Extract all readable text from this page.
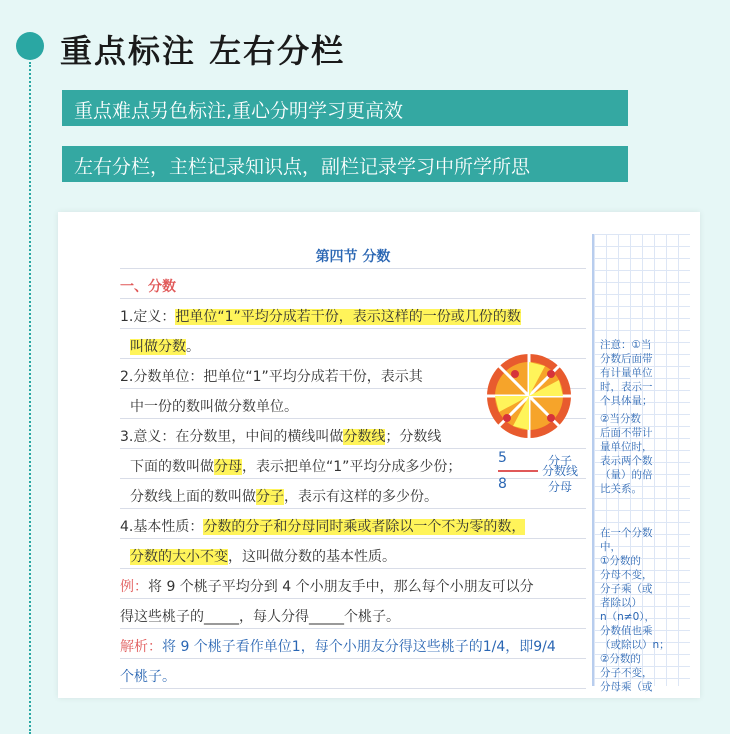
重点标注 左右分栏
重点难点另色标注,重心分明学习更高效
左右分栏，主栏记录知识点，副栏记录学习中所学所思
第四节 分数
一、分数
1.定义：把单位“1”平均分成若干份，表示这样的一份或几份的数
叫做分数。
2.分数单位：把单位“1”平均分成若干份，表示其
中一份的数叫做分数单位。
3.意义：在分数里，中间的横线叫做分数线；分数线
下面的数叫做分母，表示把单位“1”平均分成多少份；
分数线上面的数叫做分子，表示有这样的多少份。
4.基本性质：分数的分子和分母同时乘或者除以一个不为零的数，
分数的大小不变，这叫做分数的基本性质。
例：将 9 个桃子平均分到 4 个小朋友手中，那么每个小朋友可以分
得这些桃子的_____，每人分得_____个桃子。
解析：将 9 个桃子看作单位1，每个小朋友分得这些桃子的1/4，即9/4
个桃子。
5	分子
分数线
8	分母
注意：①当
分数后面带
有计量单位
时，表示一
个具体量；
②当分数
后面不带计
量单位时，
表示两个数
（量）的倍
比关系。
在一个分数
中，
①分数的
分母不变，
分子乘（或
者除以）
n（n≠0），
分数值也乘
（或除以）n；
②分数的
分子不变，
分母乘（或
